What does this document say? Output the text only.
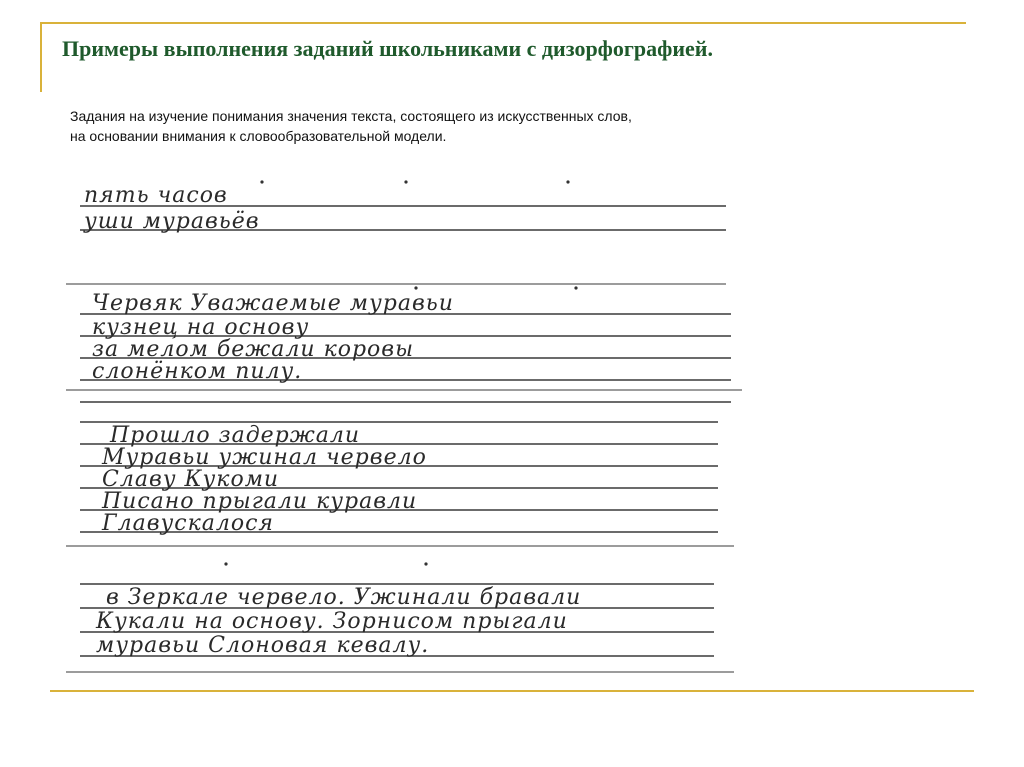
Примеры выполнения заданий школьниками с дизорфографией.
Задания на изучение понимания значения текста, состоящего из искусственных слов,
на основании внимания к словообразовательной модели.
пять часов
уши муравьёв
Червяк Уважаемые муравьи
кузнец на основу
за мелом бежали коровы
слонёнком пилу.
Прошло задержали
Муравьи ужинал червело
Славу Кукоми
Писано прыгали куравли
Главускалося
в Зеркале червело. Ужинали бравали
Кукали на основу. Зорнисом прыгали
муравьи Слоновая кевалу.
